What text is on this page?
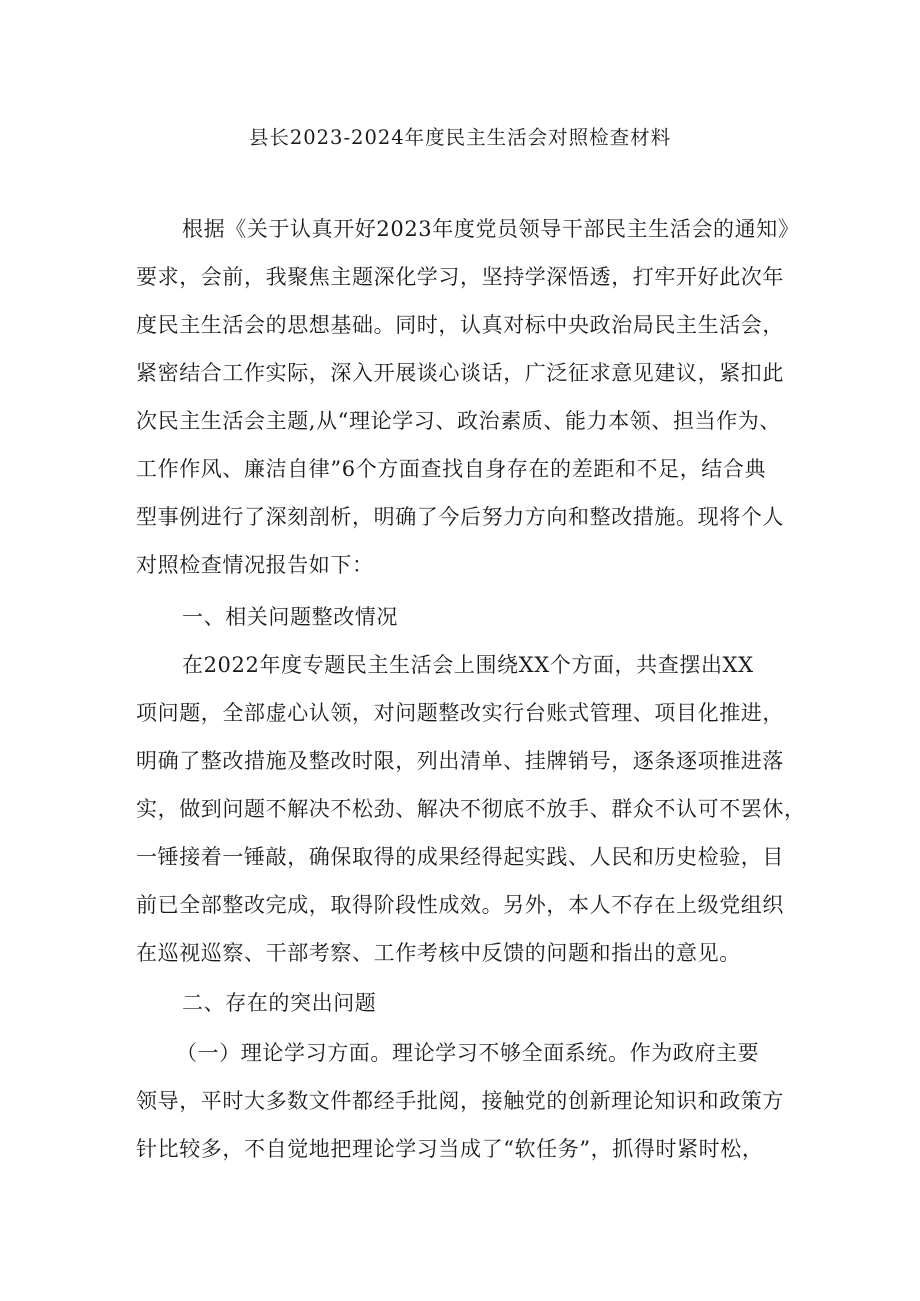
县长2023-2024年度民主生活会对照检查材料
根据《关于认真开好2023年度党员领导干部民主生活会的通知》
要求，会前，我聚焦主题深化学习，坚持学深悟透，打牢开好此次年
度民主生活会的思想基础。同时，认真对标中央政治局民主生活会，
紧密结合工作实际，深入开展谈心谈话，广泛征求意见建议，紧扣此
次民主生活会主题,从“理论学习、政治素质、能力本领、担当作为、
工作作风、廉洁自律”6个方面查找自身存在的差距和不足，结合典
型事例进行了深刻剖析，明确了今后努力方向和整改措施。现将个人
对照检查情况报告如下：
一、相关问题整改情况
在2022年度专题民主生活会上围绕XX个方面，共查摆出XX
项问题，全部虚心认领，对问题整改实行台账式管理、项目化推进，
明确了整改措施及整改时限，列出清单、挂牌销号，逐条逐项推进落
实，做到问题不解决不松劲、解决不彻底不放手、群众不认可不罢休，
一锤接着一锤敲，确保取得的成果经得起实践、人民和历史检验，目
前已全部整改完成，取得阶段性成效。另外，本人不存在上级党组织
在巡视巡察、干部考察、工作考核中反馈的问题和指出的意见。
二、存在的突出问题
（一）理论学习方面。理论学习不够全面系统。作为政府主要
领导，平时大多数文件都经手批阅，接触党的创新理论知识和政策方
针比较多，不自觉地把理论学习当成了“软任务”，抓得时紧时松，
